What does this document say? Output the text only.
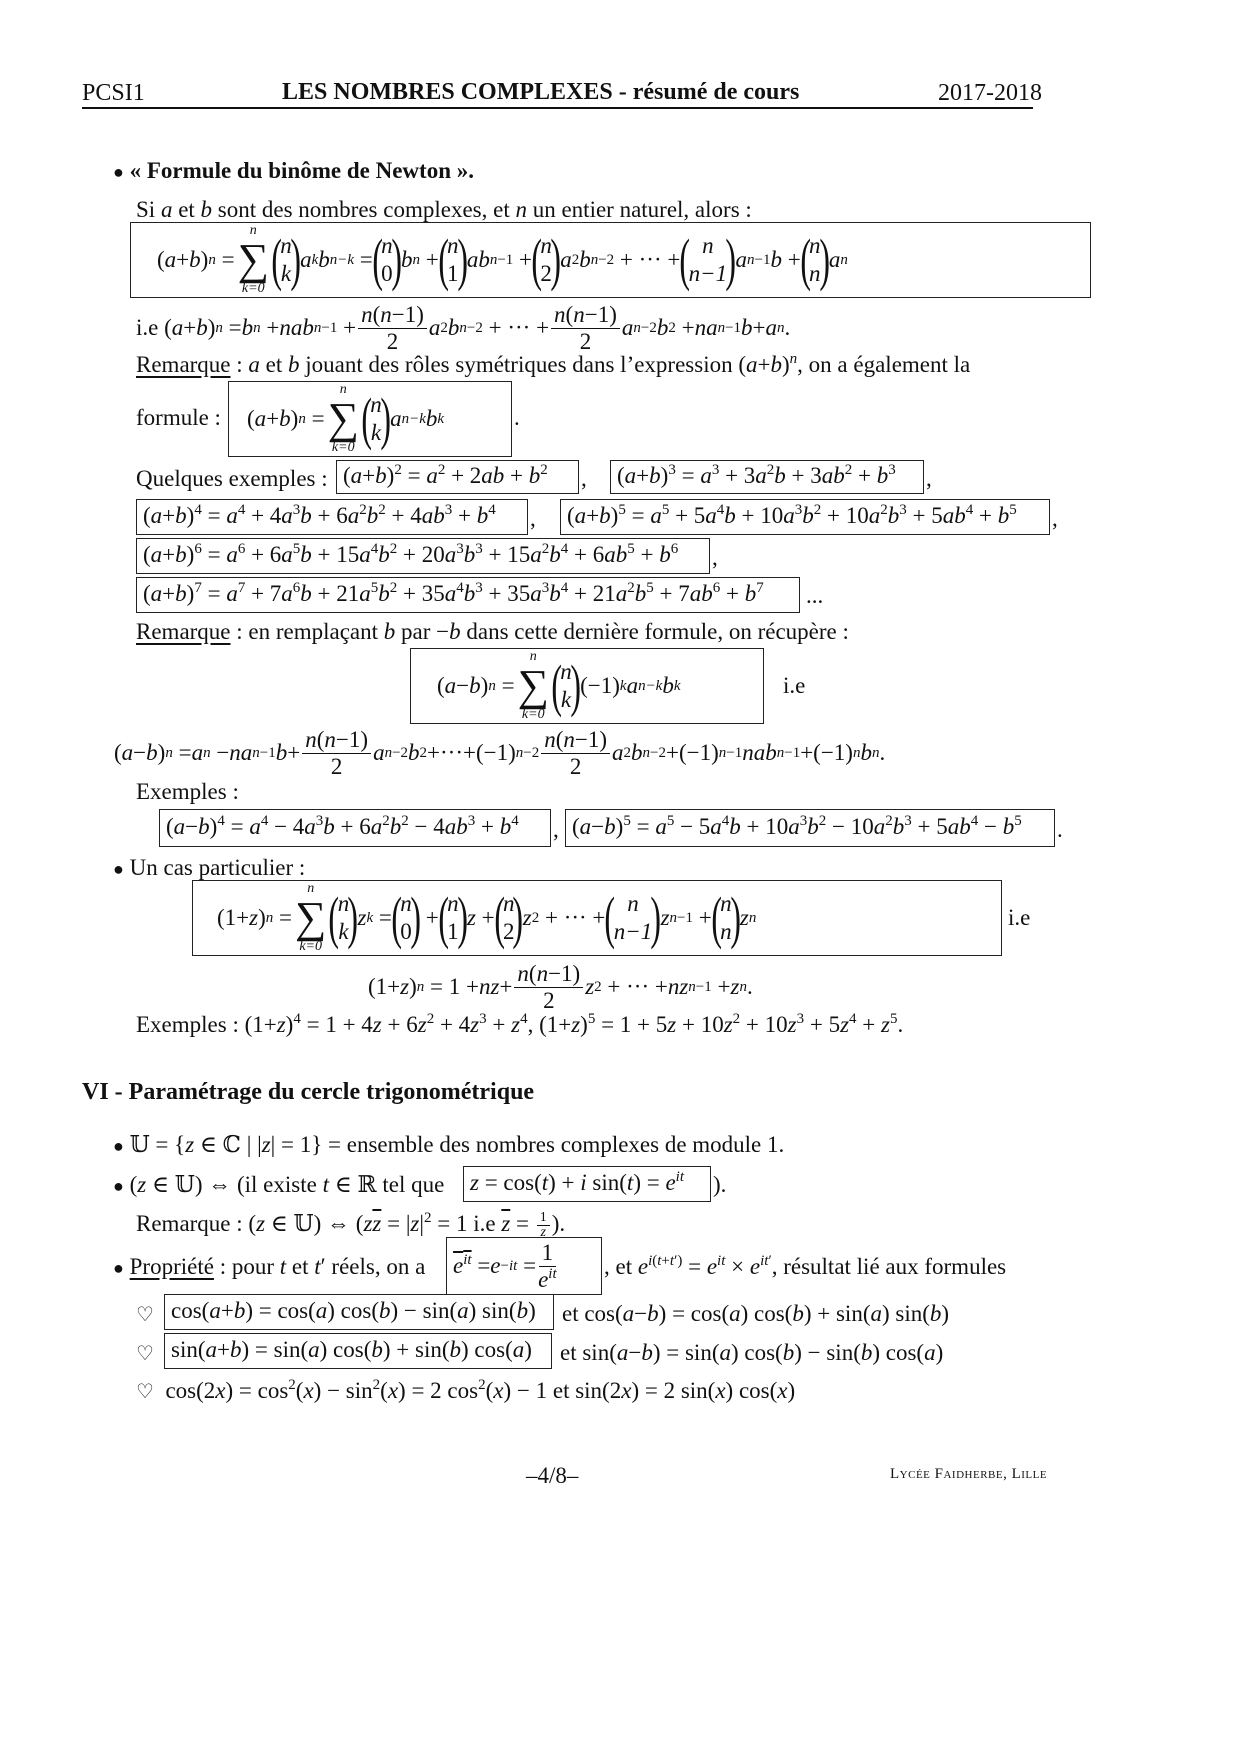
PCSI1	LES NOMBRES COMPLEXES - résumé de cours	2017-2018
● « Formule du binôme de Newton ».
Si a et b sont des nombres complexes, et n un entier naturel, alors :
( a + b ) n =
n
∑
k=0 (
n
k
) a k b n−k = (
n
0
) b n + (
n
1
) ab n−1 + (
n
2
) a 2 b n−2 + ··· + ( n
n−1
) a n−1 b + (
n
n
) a n
i.e ( a + b ) n = b n + nab $n-1 + \frac{n(n-1)}{2}$ a 2 b n−2 + ··· + $\frac{n(n-1)}{2}$ a n−2 b 2 + na n−1 b + a n .
Remarque : a et b jouant des rôles symétriques dans l’expression $(a+b)^n$, on a également la
formule :	( a + b ) n =
n
∑
k=0 (
n
k
) a n−k b k	.
Quelques exemples : $(a+b)^2 = a^2 + 2ab + b^2$	,	$(a+b)^3 = a^3 + 3a^2b + 3ab^2 + b^3$	,
$(a+b)^4 = a^4 + 4a^3b + 6a^2b^2 + 4ab^3 + b^4$	,	$(a+b)^5 = a^5 + 5a^4b + 10a^3b^2 + 10a^2b^3 + 5ab^4 + b^5$	,
$(a+b)^6 = a^6 + 6a^5b + 15a^4b^2 + 20a^3b^3 + 15a^2b^4 + 6ab^5 + b^6$	,
$(a+b)^7 = a^7 + 7a^6b + 21a^5b^2 + 35a^4b^3 + 35a^3b^4 + 21a^2b^5 + 7ab^6 + b^7$	...
Remarque : en remplaçant b par −b dans cette dernière formule, on récupère :
( a − b ) n =
n
∑
k=0 (
n
k
) (−1) k a n−k b k	i.e
( a − b ) n = a n − na n−1 $b + \frac{n(n-1)}{2}$ a n−2 b 2 +···+(−1) $n-2 \frac{n(n-1)}{2}$ a 2 b n−2 +(−1) n−1 nab n−1 +(−1) n b n .
Exemples :
$(a-b)^4 = a^4 - 4a^3b + 6a^2b^2 - 4ab^3 + b^4$	, $(a-b)^5 = a^5 - 5a^4b + 10a^3b^2 - 10a^2b^3 + 5ab^4 - b^5$	.
● Un cas particulier :
(1+ z ) n =
n
∑
k=0 (
n
k
) z k = (
n
0
) + (
n
1
) z + (
n
2
) z 2 + ··· + ( n
n−1
) z n−1 + (
n
n
) z n	i.e
(1+ z ) n = 1 + nz + $\frac{n(n-1)}{2}$ z 2 + ··· + nz n−1 + z n .
Exemples : $(1+z)^4 = 1 + 4z + 6z^2 + 4z^3 + z^4$, $(1+z)^5 = 1 + 5z + 10z^2 + 10z^3 + 5z^4 + z^5$.
VI - Paramétrage du cercle trigonométrique
● 𝕌 = {z ∈ ℂ | |z| = 1} = ensemble des nombres complexes de module 1.
● (z ∈ 𝕌) ⇔ (il existe t ∈ ℝ tel que	z = cos(t) + i $\sin(t) = e^{it}$	).
Remarque : (z ∈ 𝕌) ⇔ ($z\overline{z} = |z|^2 = 1$ i.e $\overline{z} = \frac{1}{z}$ ).
● Propriété : pour t et t′ réels, on a $e^{it} = e -it = \frac{1}{e^{it}}$ , et $e^{i(t+t')} = e^{it} \times e^{it'}$, résultat lié aux formules
♡ cos(a+b) = cos(a) cos(b) − sin(a) sin(b)	et cos(a−b) = cos(a) cos(b) + sin(a) sin(b)
♡ sin(a+b) = sin(a) cos(b) + sin(b) cos(a)	et sin(a−b) = sin(a) cos(b) − sin(b) cos(a)
♡  $\cos(2x) = \cos^2(x) - \sin^2(x) = 2$ $\cos^2(x) - 1$ et sin(2x) = 2 sin(x) cos(x)
–4/8–	Lycée Faidherbe, Lille
